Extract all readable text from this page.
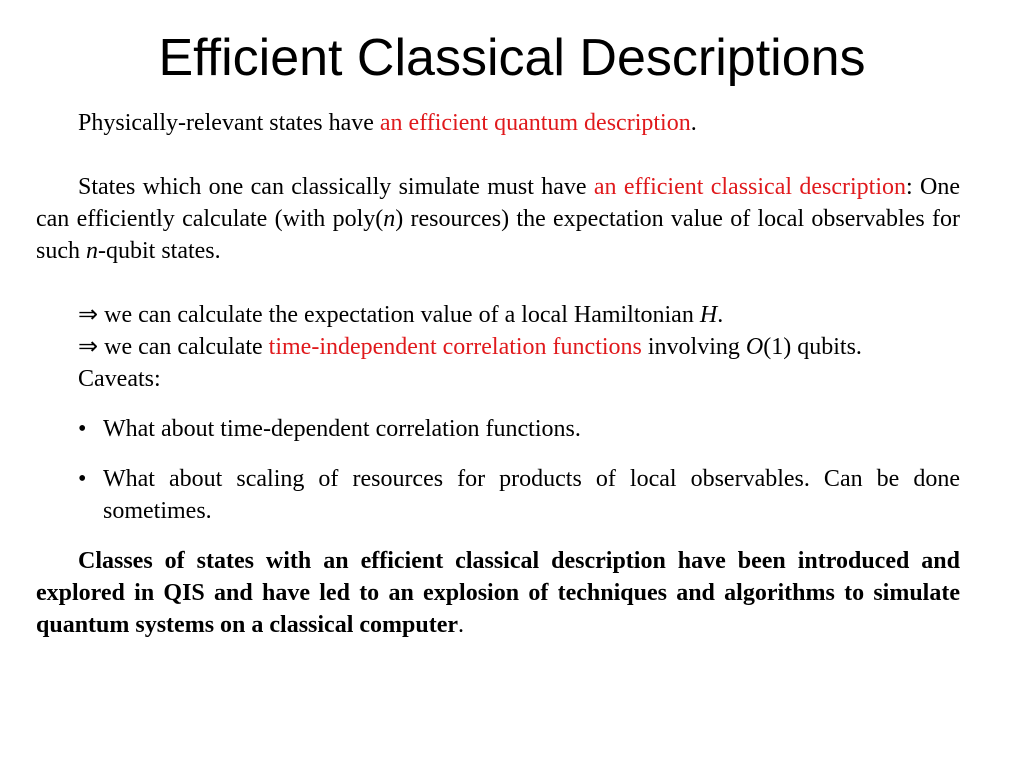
Efficient Classical Descriptions

Physically-relevant states have an efficient quantum description.

States which one can classically simulate must have an efficient classical description: One can efficiently calculate (with poly(n) resources) the expectation value of local observables for such n-qubit states.

⇒ we can calculate the expectation value of a local Hamiltonian H.

⇒ we can calculate time-independent correlation functions involving O(1) qubits.

Caveats:

• What about time-dependent correlation functions.

• What about scaling of resources for products of local observables. Can be done sometimes.

Classes of states with an efficient classical description have been introduced and explored in QIS and have led to an explosion of techniques and algorithms to simulate quantum systems on a classical computer.
